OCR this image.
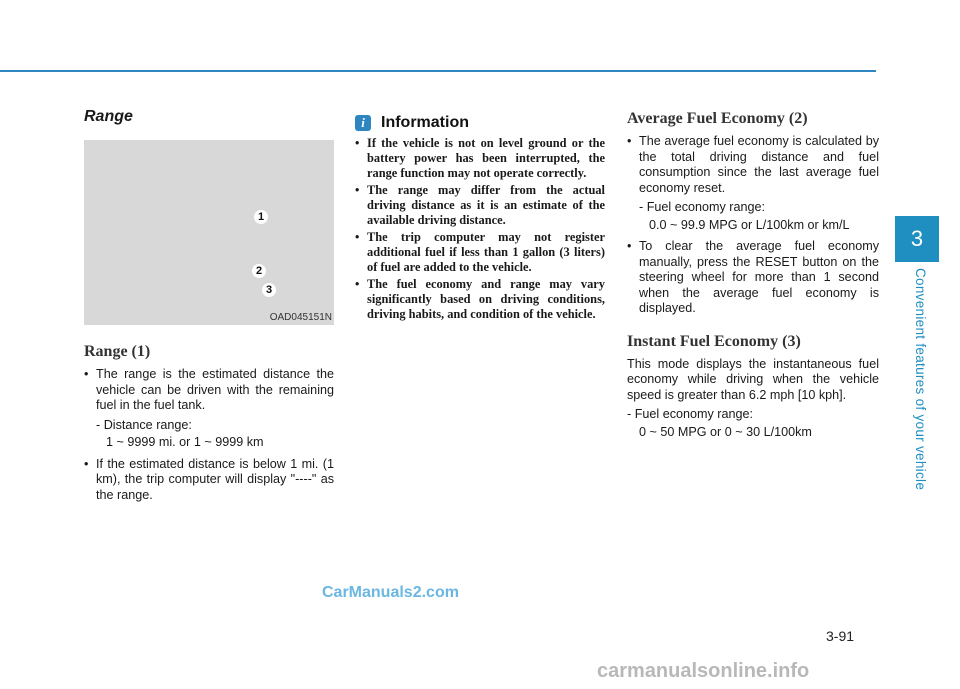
Range
1
2
3
OAD045151N
Range (1)
• The range is the estimated distance the vehicle can be driven with the remaining fuel in the fuel tank.
- Distance range:
1 ~ 9999 mi. or 1 ~ 9999 km
• If the estimated distance is below 1 mi. (1 km), the trip computer will display "----" as the range.
i	Information
• If the vehicle is not on level ground or the battery power has been interrupted, the range function may not operate correctly.
• The range may differ from the actual driving distance as it is an estimate of the available driving distance.
• The trip computer may not register additional fuel if less than 1 gallon (3 liters) of fuel are added to the vehicle.
• The fuel economy and range may vary significantly based on driving conditions, driving habits, and condition of the vehicle.
Average Fuel Economy (2)
• The average fuel economy is calculated by the total driving distance and fuel consumption since the last average fuel economy reset.
- Fuel economy range:
0.0 ~ 99.9 MPG or L/100km or km/L
• To clear the average fuel economy manually, press the RESET button on the steering wheel for more than 1 second when the average fuel economy is displayed.
Instant Fuel Economy (3)

This mode displays the instantaneous fuel economy while driving when the vehicle speed is greater than 6.2 mph [10 kph].

- Fuel economy range:
0 ~ 50 MPG or 0 ~ 30 L/100km
3
Convenient features of your vehicle
3-91
CarManuals2.com
carmanualsonline.info
